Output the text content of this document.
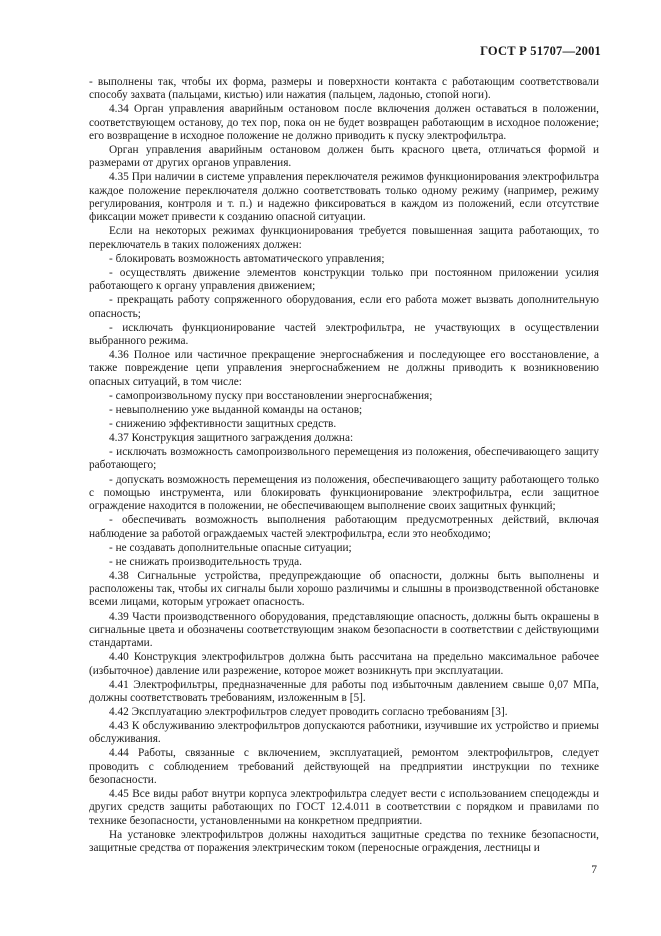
ГОСТ Р 51707—2001

- выполнены так, чтобы их форма, размеры и поверхности контакта с работающим соответствовали способу захвата (пальцами, кистью) или нажатия (пальцем, ладонью, стопой ноги).

4.34 Орган управления аварийным остановом после включения должен оставаться в положении, соответствующем останову, до тех пор, пока он не будет возвращен работающим в исходное положение; его возвращение в исходное положение не должно приводить к пуску электрофильтра.

Орган управления аварийным остановом должен быть красного цвета, отличаться формой и размерами от других органов управления.

4.35 При наличии в системе управления переключателя режимов функционирования электрофильтра каждое положение переключателя должно соответствовать только одному режиму (например, режиму регулирования, контроля и т. п.) и надежно фиксироваться в каждом из положений, если отсутствие фиксации может привести к созданию опасной ситуации.

Если на некоторых режимах функционирования требуется повышенная защита работающих, то переключатель в таких положениях должен:

- блокировать возможность автоматического управления;

- осуществлять движение элементов конструкции только при постоянном приложении усилия работающего к органу управления движением;

- прекращать работу сопряженного оборудования, если его работа может вызвать дополнительную опасность;

- исключать функционирование частей электрофильтра, не участвующих в осуществлении выбранного режима.

4.36 Полное или частичное прекращение энергоснабжения и последующее его восстановление, а также повреждение цепи управления энергоснабжением не должны приводить к возникновению опасных ситуаций, в том числе:

- самопроизвольному пуску при восстановлении энергоснабжения;

- невыполнению уже выданной команды на останов;

- снижению эффективности защитных средств.

4.37 Конструкция защитного заграждения должна:

- исключать возможность самопроизвольного перемещения из положения, обеспечивающего защиту работающего;

- допускать возможность перемещения из положения, обеспечивающего защиту работающего только с помощью инструмента, или блокировать функционирование электрофильтра, если защитное ограждение находится в положении, не обеспечивающем выполнение своих защитных функций;

- обеспечивать возможность выполнения работающим предусмотренных действий, включая наблюдение за работой ограждаемых частей электрофильтра, если это необходимо;

- не создавать дополнительные опасные ситуации;

- не снижать производительность труда.

4.38 Сигнальные устройства, предупреждающие об опасности, должны быть выполнены и расположены так, чтобы их сигналы были хорошо различимы и слышны в производственной обстановке всеми лицами, которым угрожает опасность.

4.39 Части производственного оборудования, представляющие опасность, должны быть окрашены в сигнальные цвета и обозначены соответствующим знаком безопасности в соответствии с действующими стандартами.

4.40 Конструкция электрофильтров должна быть рассчитана на предельно максимальное рабочее (избыточное) давление или разрежение, которое может возникнуть при эксплуатации.

4.41 Электрофильтры, предназначенные для работы под избыточным давлением свыше 0,07 МПа, должны соответствовать требованиям, изложенным в [5].

4.42 Эксплуатацию электрофильтров следует проводить согласно требованиям [3].

4.43 К обслуживанию электрофильтров допускаются работники, изучившие их устройство и приемы обслуживания.

4.44 Работы, связанные с включением, эксплуатацией, ремонтом электрофильтров, следует проводить с соблюдением требований действующей на предприятии инструкции по технике безопасности.

4.45 Все виды работ внутри корпуса электрофильтра следует вести с использованием спецодежды и других средств защиты работающих по ГОСТ 12.4.011 в соответствии с порядком и правилами по технике безопасности, установленными на конкретном предприятии.

На установке электрофильтров должны находиться защитные средства по технике безопасности, защитные средства от поражения электрическим током (переносные ограждения, лестницы и

7
